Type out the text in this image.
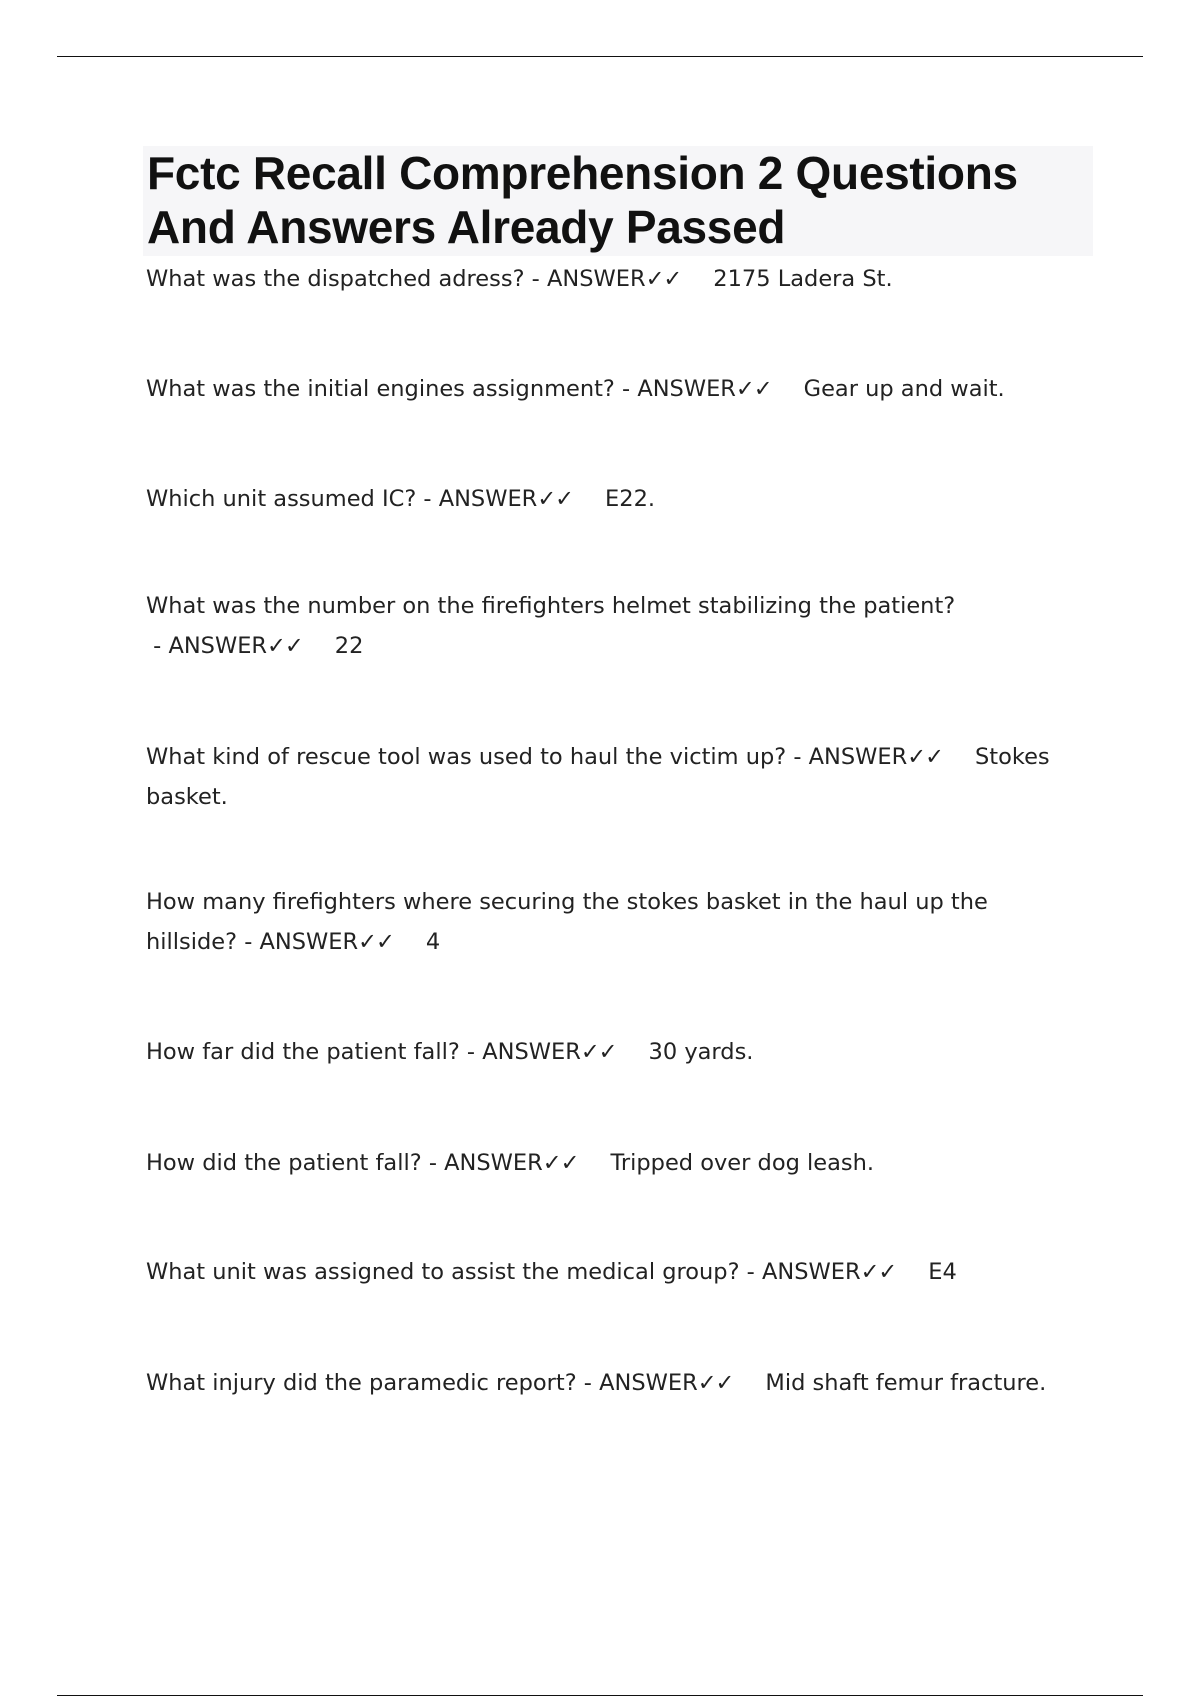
Fctc Recall Comprehension 2 Questions And Answers Already Passed

What was the dispatched adress? - ANSWER✓✓ 2175 Ladera St.

What was the initial engines assignment? - ANSWER✓✓ Gear up and wait.

Which unit assumed IC? - ANSWER✓✓ E22.

What was the number on the firefighters helmet stabilizing the patient? - ANSWER✓✓ 22

What kind of rescue tool was used to haul the victim up? - ANSWER✓✓ Stokes basket.

How many firefighters where securing the stokes basket in the haul up the hillside? - ANSWER✓✓ 4

How far did the patient fall? - ANSWER✓✓ 30 yards.

How did the patient fall? - ANSWER✓✓ Tripped over dog leash.

What unit was assigned to assist the medical group? - ANSWER✓✓ E4

What injury did the paramedic report? - ANSWER✓✓ Mid shaft femur fracture.
